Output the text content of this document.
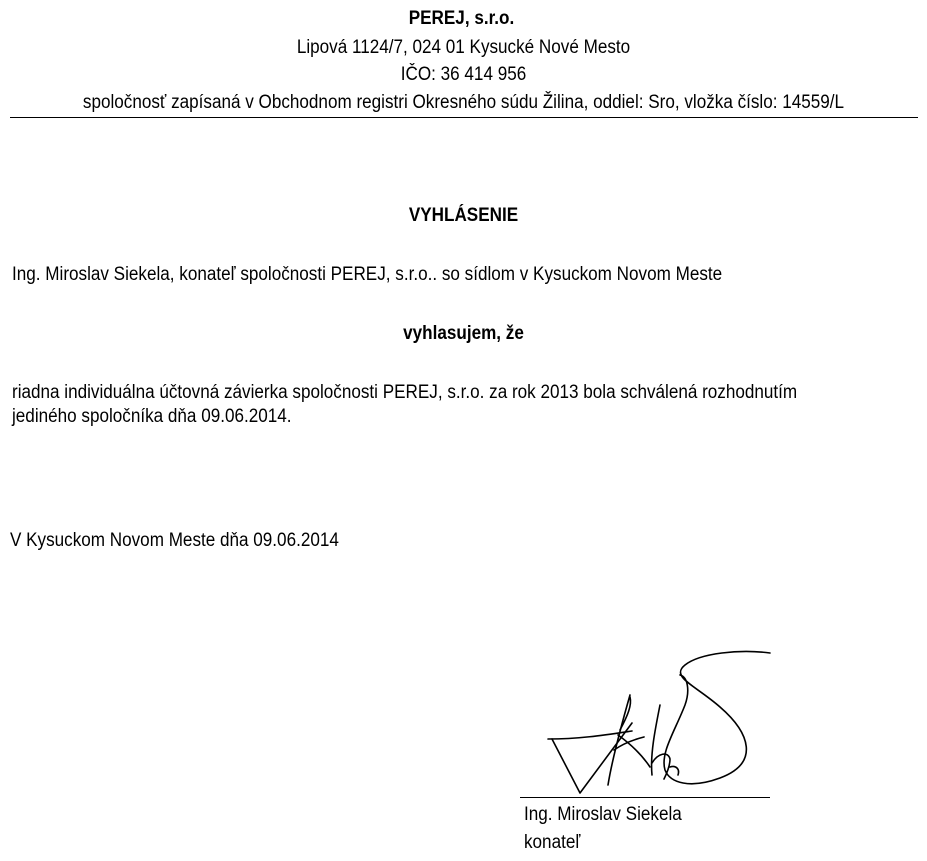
PEREJ, s.r.o.
Lipová 1124/7, 024 01 Kysucké Nové Mesto
IČO: 36 414 956
spoločnosť zapísaná v Obchodnom registri Okresného súdu Žilina, oddiel: Sro, vložka číslo: 14559/L
VYHLÁSENIE
Ing. Miroslav Siekela, konateľ spoločnosti PEREJ, s.r.o.. so sídlom v Kysuckom Novom Meste
vyhlasujem, že
riadna individuálna účtovná závierka spoločnosti PEREJ, s.r.o. za rok 2013 bola schválená rozhodnutím
jediného spoločníka dňa 09.06.2014.
V Kysuckom Novom Meste dňa 09.06.2014
Ing. Miroslav Siekela
konateľ
